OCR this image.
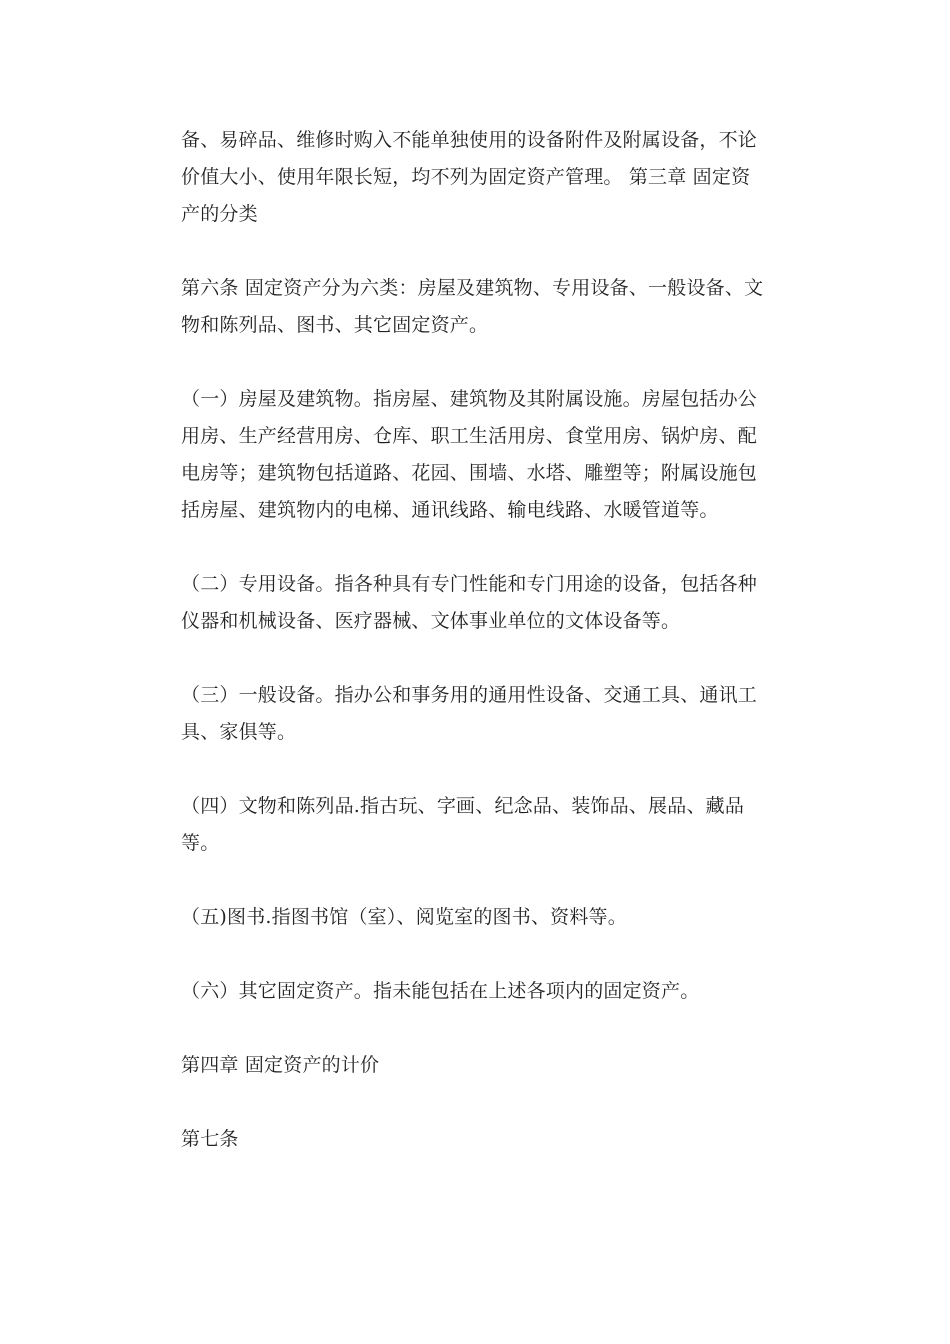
备、易碎品、维修时购入不能单独使用的设备附件及附属设备，不论
价值大小、使用年限长短，均不列为固定资产管理。 第三章 固定资
产的分类

第六条 固定资产分为六类：房屋及建筑物、专用设备、一般设备、文
物和陈列品、图书、其它固定资产。

（一）房屋及建筑物。指房屋、建筑物及其附属设施。房屋包括办公
用房、生产经营用房、仓库、职工生活用房、食堂用房、锅炉房、配
电房等；建筑物包括道路、花园、围墙、水塔、雕塑等；附属设施包
括房屋、建筑物内的电梯、通讯线路、输电线路、水暖管道等。

（二）专用设备。指各种具有专门性能和专门用途的设备，包括各种
仪器和机械设备、医疗器械、文体事业单位的文体设备等。

（三）一般设备。指办公和事务用的通用性设备、交通工具、通讯工
具、家俱等。

（四）文物和陈列品.指古玩、字画、纪念品、装饰品、展品、藏品
等。

（五)图书.指图书馆（室）、阅览室的图书、资料等。

（六）其它固定资产。指未能包括在上述各项内的固定资产。

第四章 固定资产的计价

第七条
